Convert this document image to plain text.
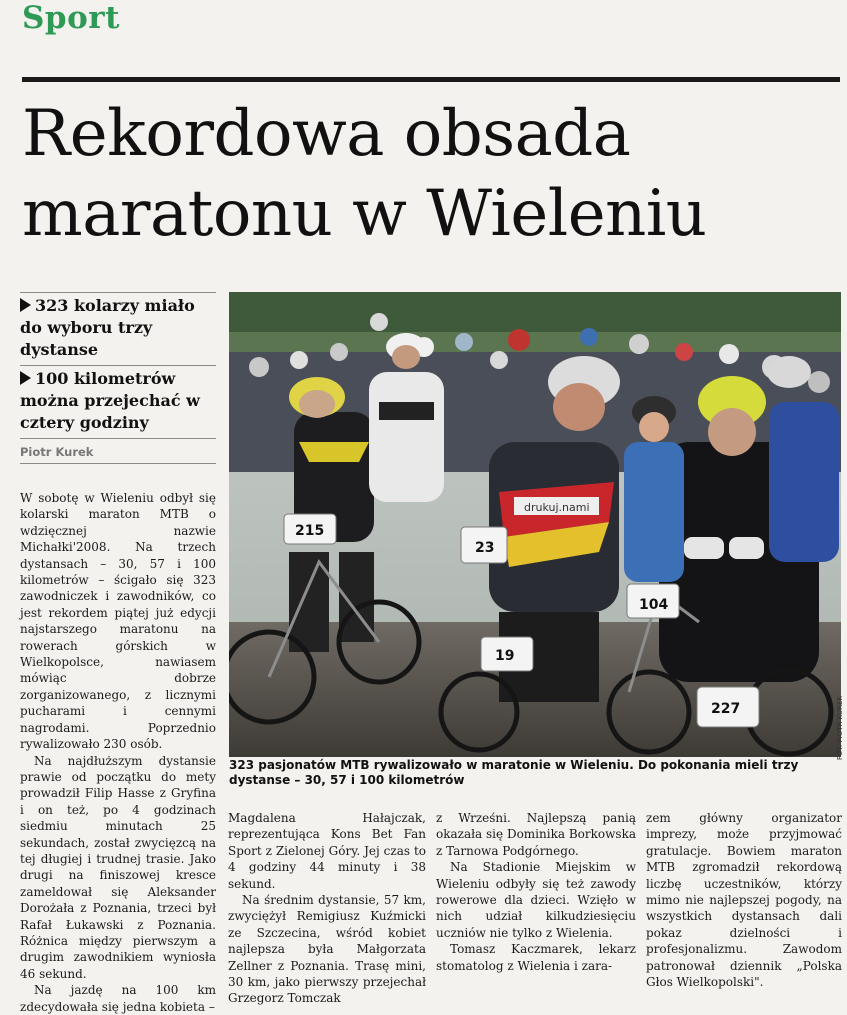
Sport
Rekordowa obsada
maratonu w Wieleniu
323 kolarzy miało do wyboru trzy dystanse
100 kilometrów można przejechać w cztery godziny
Piotr Kurek

W sobotę w Wieleniu odbył się kolarski maraton MTB o wdzięcznej nazwie Michałki'2008. Na trzech dystansach – 30, 57 i 100 kilometrów – ścigało się 323 zawodniczek i zawodników, co jest rekordem piątej już edycji najstarszego maratonu na rowerach górskich w Wielkopolsce, nawiasem mówiąc dobrze zorganizowanego, z licznymi pucharami i cennymi nagrodami. Poprzednio rywalizowało 230 osób.

Na najdłuższym dystansie prawie od początku do mety prowadził Filip Hasse z Gryfina i on też, po 4 godzinach siedmiu minutach 25 sekundach, został zwycięzcą na tej długiej i trudnej trasie. Jako drugi na finiszowej kresce zameldował się Aleksander Dorożała z Poznania, trzeci był Rafał Łukawski z Poznania. Różnica między pierwszym a drugim zawodnikiem wyniosła 46 sekund.

Na jazdę na 100 km zdecydowała się jedna kobieta –

drukuj.nami
215
23
19
104
227
323 pasjonatów MTB rywalizowało w maratonie w Wieleniu. Do pokonania mieli trzy dystanse – 30, 57 i 100 kilometrów
FOT. PIOTR KUREK

Magdalena Hałajczak, reprezentująca Kons Bet Fan Sport z Zielonej Góry. Jej czas to 4 godziny 44 minuty i 38 sekund.

Na średnim dystansie, 57 km, zwyciężył Remigiusz Kuźmicki ze Szczecina, wśród kobiet najlepsza była Małgorzata Zellner z Poznania. Trasę mini, 30 km, jako pierwszy przejechał Grzegorz Tomczak

z Wrześni. Najlepszą panią okazała się Dominika Borkowska z Tarnowa Podgórnego.

Na Stadionie Miejskim w Wieleniu odbyły się też zawody rowerowe dla dzieci. Wzięło w nich udział kilkudziesięciu uczniów nie tylko z Wielenia.

Tomasz Kaczmarek, lekarz stomatolog z Wielenia i zara-

zem główny organizator imprezy, może przyjmować gratulacje. Bowiem maraton MTB zgromadził rekordową liczbę uczestników, którzy mimo nie najlepszej pogody, na wszystkich dystansach dali pokaz dzielności i profesjonalizmu. Zawodom patronował dziennik „Polska Głos Wielkopolski".
